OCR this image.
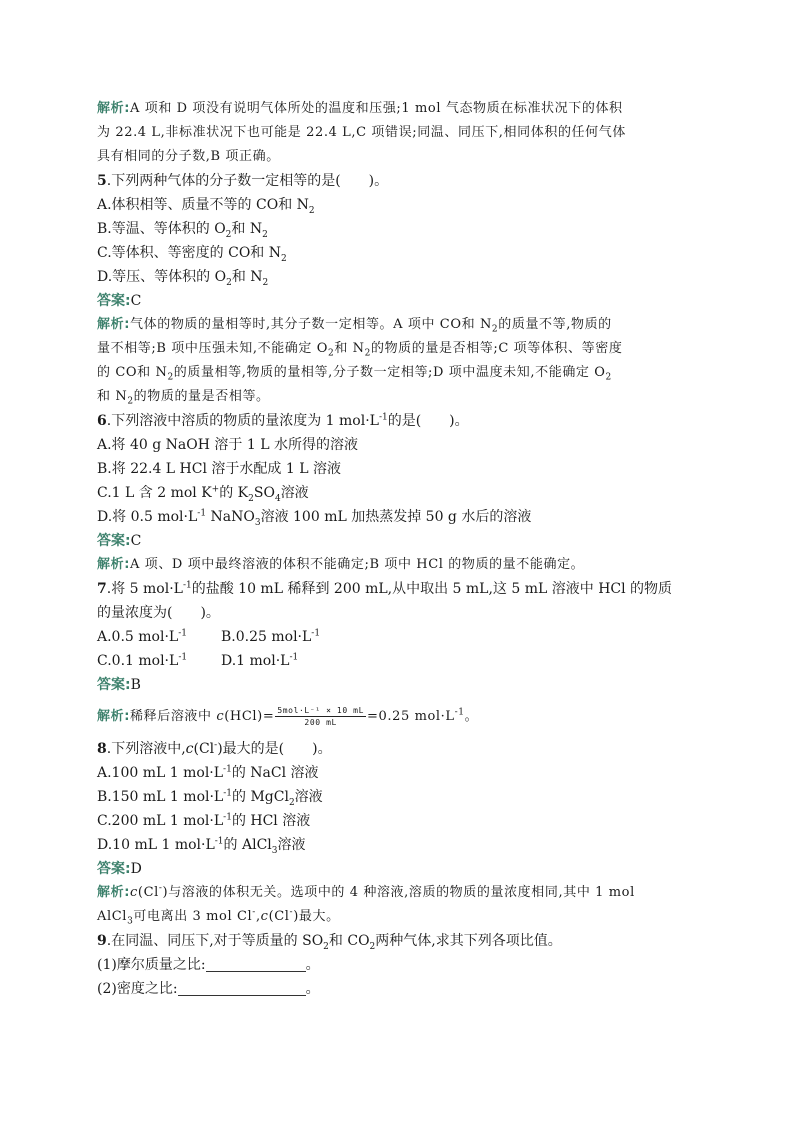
解析:A 项和 D 项没有说明气体所处的温度和压强;1 mol 气态物质在标准状况下的体积
为 22.4 L,非标准状况下也可能是 22.4 L,C 项错误;同温、同压下,相同体积的任何气体
具有相同的分子数,B 项正确。
5.下列两种气体的分子数一定相等的是(　　)。
A.体积相等、质量不等的 CO和 $N_2$
B.等温、等体积的 $O_2$和 $N_2$
C.等体积、等密度的 CO和 $N_2$
D.等压、等体积的 $O_2$和 $N_2$
答案:C
解析:气体的物质的量相等时,其分子数一定相等。A 项中 CO和 $N_2$的质量不等,物质的
量不相等;B 项中压强未知,不能确定 $O_2$和 $N_2$的物质的量是否相等;C 项等体积、等密度
的 CO和 $N_2$的质量相等,物质的量相等,分子数一定相等;D 项中温度未知,不能确定 $O_2$
和 $N_2$的物质的量是否相等。
6.下列溶液中溶质的物质的量浓度为 1 $mol\cdot L^{-1}$的是(　　)。
A.将 40 g NaOH 溶于 1 L 水所得的溶液
B.将 22.4 L HCl 溶于水配成 1 L 溶液
C.1 L 含 2 mol K+的 $K_2SO_4$溶液
D.将 0.5 $mol\cdot L^{-1}$ NaNO$_3$溶液 100 mL 加热蒸发掉 50 g 水后的溶液
答案:C
解析:A 项、D 项中最终溶液的体积不能确定;B 项中 HCl 的物质的量不能确定。
7.将 5 $mol\cdot L^{-1}$的盐酸 10 mL 稀释到 200 mL,从中取出 5 mL,这 5 mL 溶液中 HCl 的物质
的量浓度为(　　)。
A.0.5 $mol\cdot L^{-1}$ B.0.25 $mol\cdot L^{-1}$
C.0.1 $mol\cdot L^{-1}$ D.1 $mol\cdot L^{-1}$
答案:B
解析:稀释后溶液中 $c(HCl)= \frac{\text{5mol·L⁻¹ × 10 mL}}{200 mL} =0.25$ $mol\cdot L^{-1}$。
8.下列溶液中,c(Cl-)最大的是(　　)。
A.100 mL 1 $mol\cdot L^{-1}$的 NaCl 溶液
B.150 mL 1 $mol\cdot L^{-1}$的 MgCl$_2$溶液
C.200 mL 1 $mol\cdot L^{-1}$的 HCl 溶液
D.10 mL 1 $mol\cdot L^{-1}$的 AlCl$_3$溶液
答案:D
解析:c(Cl-)与溶液的体积无关。选项中的 4 种溶液,溶质的物质的量浓度相同,其中 1 mol
AlCl$_3$可电离出 3 mol Cl-,c(Cl-)最大。
9.在同温、同压下,对于等质量的 $SO_2$和 $CO_2$两种气体,求其下列各项比值。
(1)摩尔质量之比:	。
(2)密度之比:	。
